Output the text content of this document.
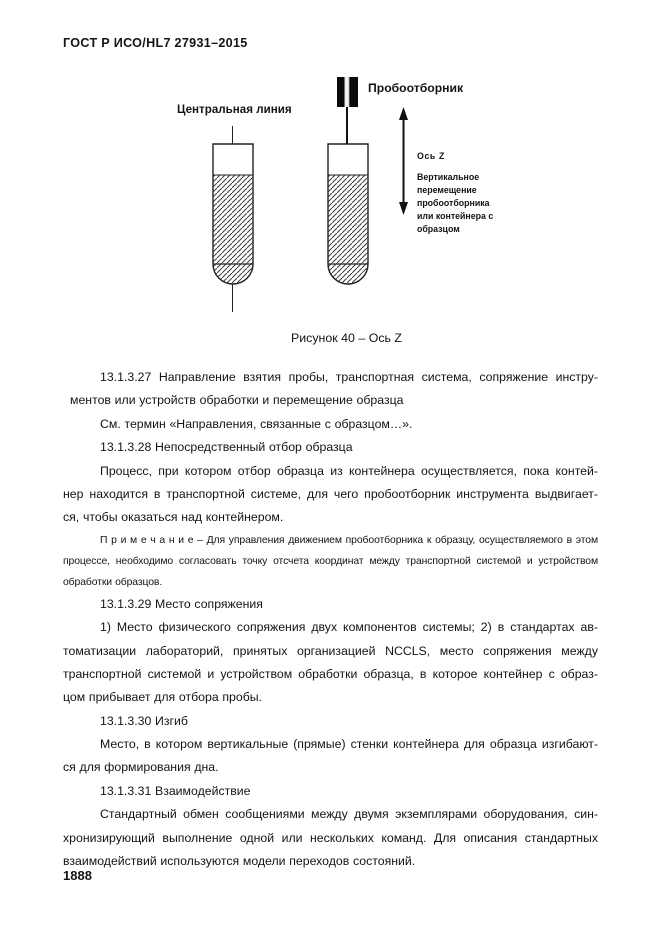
ГОСТ Р ИСО/HL7 27931–2015
Центральная линия
Пробоотборник
Ось Z
Вертикальное перемещение пробоотборника или контейнера с образцом
Рисунок 40 – Ось Z
13.1.3.27 Направление взятия пробы, транспортная система, сопряжение инстру-
ментов или устройств обработки и перемещение образца
См. термин «Направления, связанные с образцом…».
13.1.3.28 Непосредственный отбор образца
Процесс, при котором отбор образца из контейнера осуществляется, пока контей-
нер находится в транспортной системе, для чего пробоотборник инструмента выдвигает-
ся, чтобы оказаться над контейнером.
П р и м е ч а н и е – Для управления движением пробоотборника к образцу, осуществляемого в этом
процессе, необходимо согласовать точку отсчета координат между транспортной системой и устройством
обработки образцов.
13.1.3.29 Место сопряжения
1) Место физического сопряжения двух компонентов системы; 2) в стандартах ав-
томатизации лабораторий, принятых организацией NCCLS, место сопряжения между
транспортной системой и устройством обработки образца, в которое контейнер с образ-
цом прибывает для отбора пробы.
13.1.3.30 Изгиб
Место, в котором вертикальные (прямые) стенки контейнера для образца изгибают-
ся для формирования дна.
13.1.3.31 Взаимодействие
Стандартный обмен сообщениями между двумя экземплярами оборудования, син-
хронизирующий выполнение одной или нескольких команд. Для описания стандартных
взаимодействий используются модели переходов состояний.
1888
